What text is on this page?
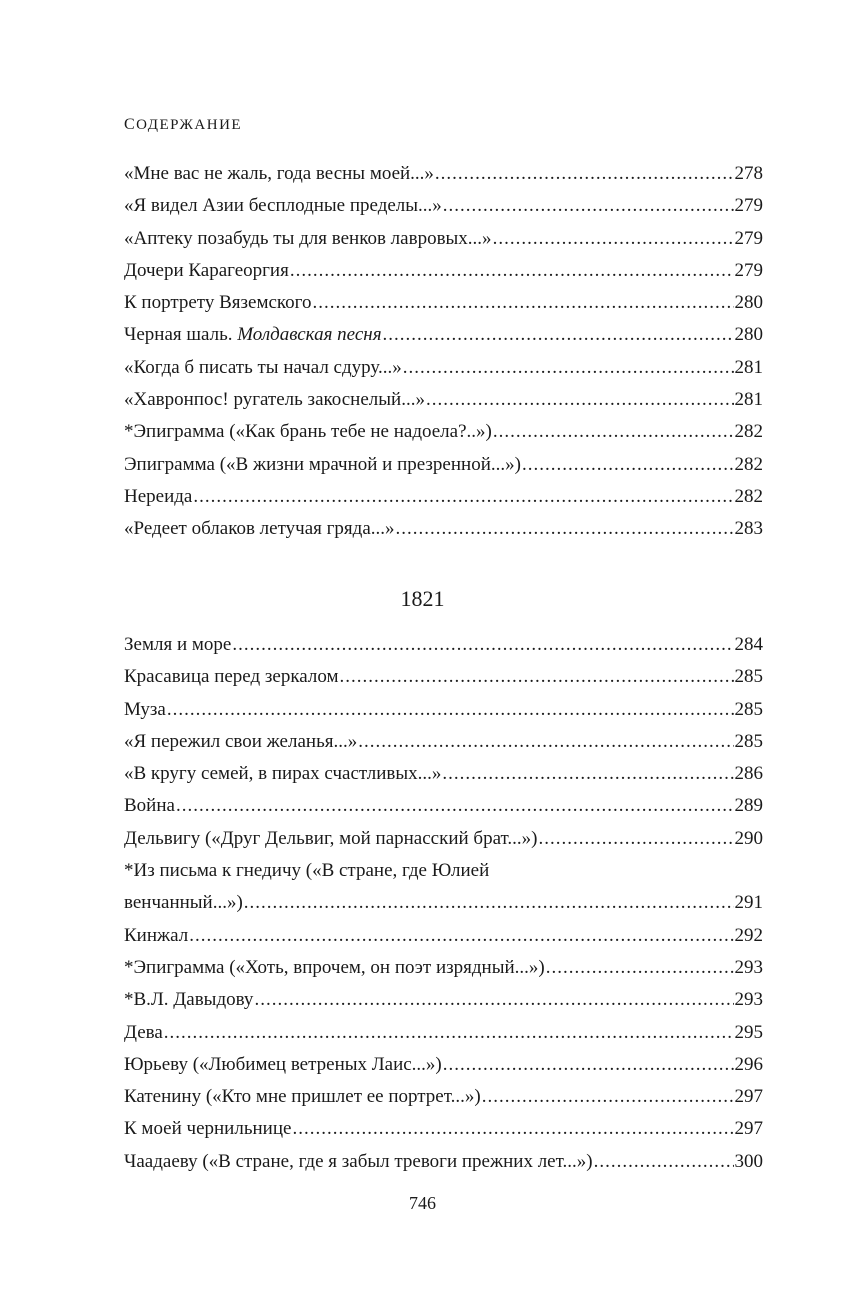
СОДЕРЖАНИЕ
«Мне вас не жаль, года весны моей...» .....	278
«Я видел Азии бесплодные пределы...» .....	279
«Аптеку позабудь ты для венков лавровых...» .....	279
Дочери Карагеоргия .....	279
К портрету Вяземского .....	280
Черная шаль. Молдавская песня .....	280
«Когда б писать ты начал сдуру...» .....	281
«Хавронпос! ругатель закоснелый...» .....	281
*Эпиграмма («Как брань тебе не надоела?..») .....	282
Эпиграмма («В жизни мрачной и презренной...») .....	282
Нереида .....	282
«Редеет облаков летучая гряда...» .....	283
1821
Земля и море .....	284
Красавица перед зеркалом .....	285
Муза .....	285
«Я пережил свои желанья...» .....	285
«В кругу семей, в пирах счастливых...» .....	286
Война .....	289
Дельвигу («Друг Дельвиг, мой парнасский брат...») .....	290
*Из письма к гнедичу («В стране, где Юлией
венчанный...») .....	291
Кинжал .....	292
*Эпиграмма («Хоть, впрочем, он поэт изрядный...») .....	293
*В.Л. Давыдову .....	293
Дева .....	295
Юрьеву («Любимец ветреных Лаис...») .....	296
Катенину («Кто мне пришлет ее портрет...») .....	297
К моей чернильнице .....	297
Чаадаеву («В стране, где я забыл тревоги прежних лет...») .....	300
746
